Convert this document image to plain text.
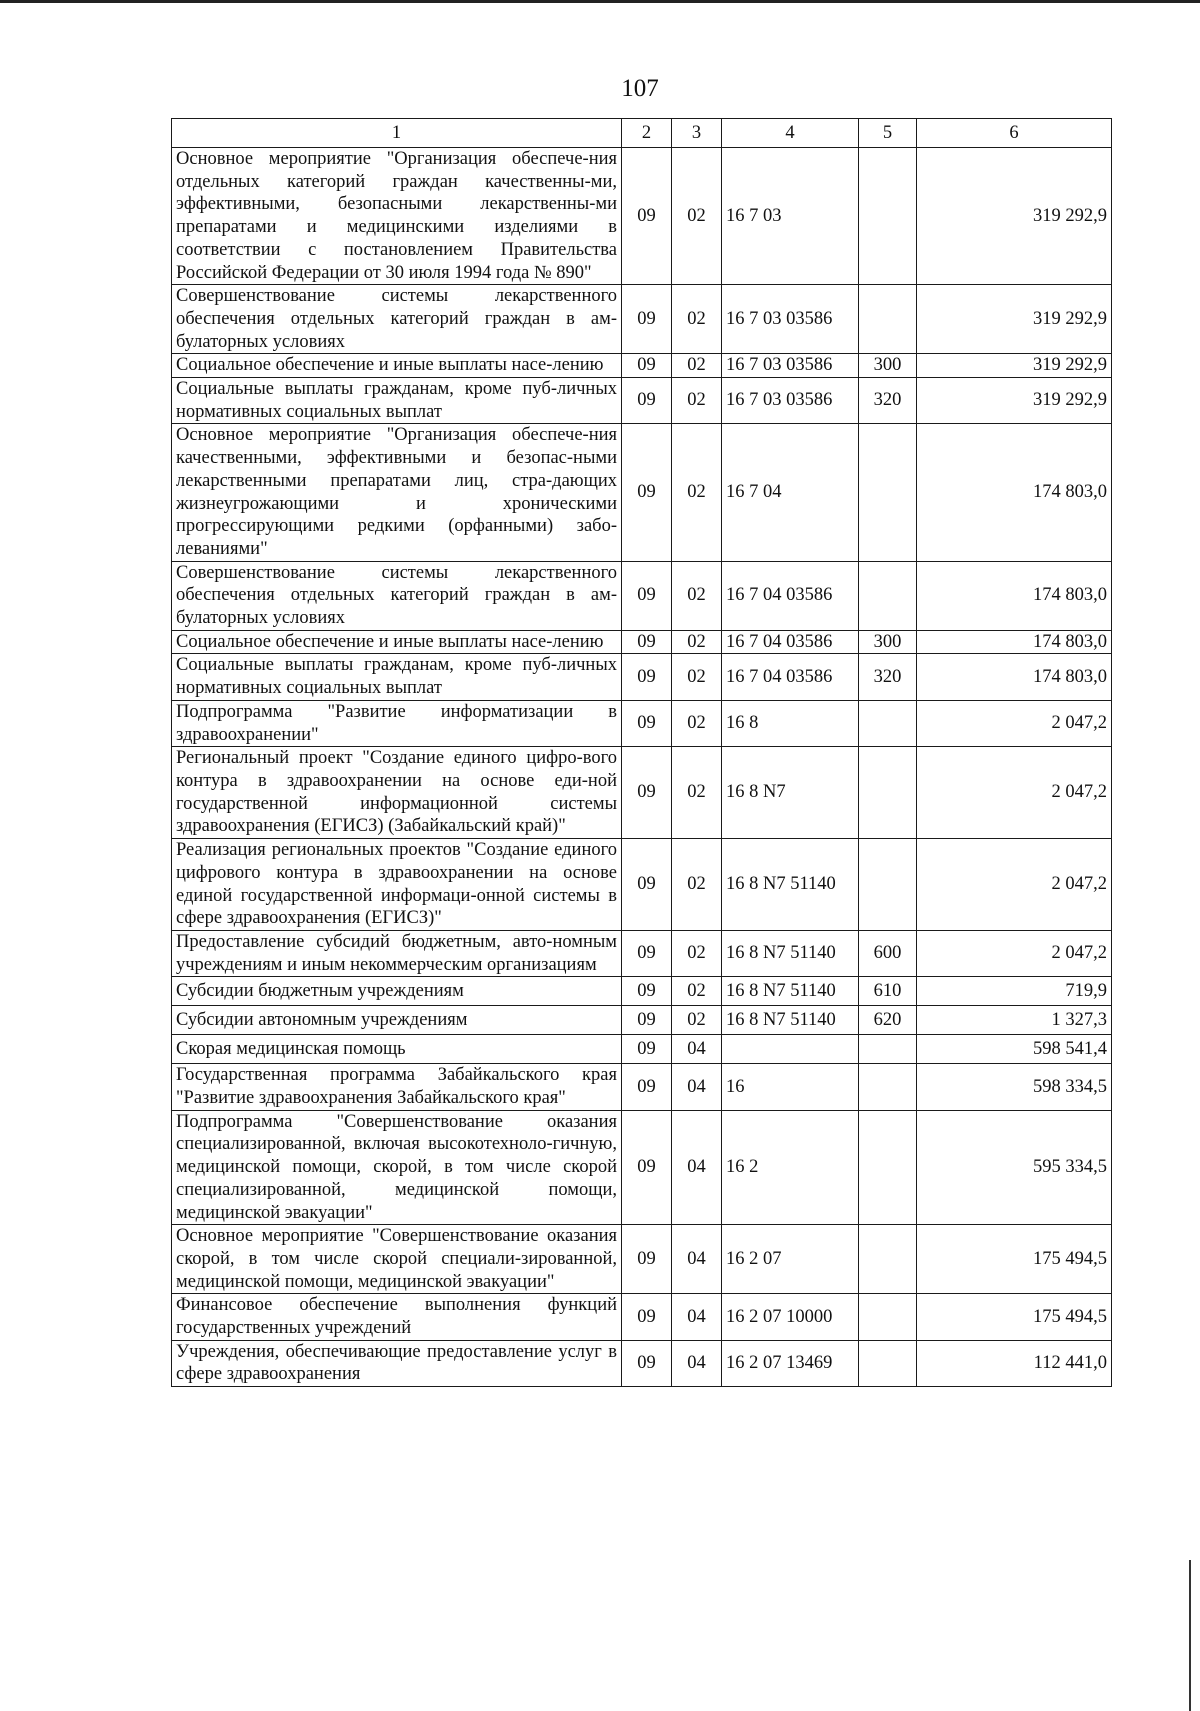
107
1	2	3	4	5	6
Основное мероприятие "Организация обеспече-ния отдельных категорий граждан качественны-ми, эффективными, безопасными лекарственны-ми препаратами и медицинскими изделиями в соответствии с постановлением Правительства Российской Федерации от 30 июля 1994 года № 890"	09	02	16 7 03		319 292,9
Совершенствование системы лекарственного обеспечения отдельных категорий граждан в ам-булаторных условиях	09	02	16 7 03 03586		319 292,9
Социальное обеспечение и иные выплаты насе-лению	09	02	16 7 03 03586	300	319 292,9
Социальные выплаты гражданам, кроме пуб-личных нормативных социальных выплат	09	02	16 7 03 03586	320	319 292,9
Основное мероприятие "Организация обеспече-ния качественными, эффективными и безопас-ными лекарственными препаратами лиц, стра-дающих жизнеугрожающими и хроническими прогрессирующими редкими (орфанными) забо-леваниями"	09	02	16 7 04		174 803,0
Совершенствование системы лекарственного обеспечения отдельных категорий граждан в ам-булаторных условиях	09	02	16 7 04 03586		174 803,0
Социальное обеспечение и иные выплаты насе-лению	09	02	16 7 04 03586	300	174 803,0
Социальные выплаты гражданам, кроме пуб-личных нормативных социальных выплат	09	02	16 7 04 03586	320	174 803,0
Подпрограмма "Развитие информатизации в здравоохранении"	09	02	16 8		2 047,2
Региональный проект "Создание единого цифро-вого контура в здравоохранении на основе еди-ной государственной информационной системы здравоохранения (ЕГИСЗ) (Забайкальский край)"	09	02	16 8 N7		2 047,2
Реализация региональных проектов "Создание единого цифрового контура в здравоохранении на основе единой государственной информаци-онной системы в сфере здравоохранения (ЕГИСЗ)"	09	02	16 8 N7 51140		2 047,2
Предоставление субсидий бюджетным, авто-номным учреждениям и иным некоммерческим организациям	09	02	16 8 N7 51140	600	2 047,2
Субсидии бюджетным учреждениям	09	02	16 8 N7 51140	610	719,9
Субсидии автономным учреждениям	09	02	16 8 N7 51140	620	1 327,3
Скорая медицинская помощь	09	04			598 541,4
Государственная программа Забайкальского края "Развитие здравоохранения Забайкальского края"	09	04	16		598 334,5
Подпрограмма "Совершенствование оказания специализированной, включая высокотехноло-гичную, медицинской помощи, скорой, в том числе скорой специализированной, медицинской помощи, медицинской эвакуации"	09	04	16 2		595 334,5
Основное мероприятие "Совершенствование оказания скорой, в том числе скорой специали-зированной, медицинской помощи, медицинской эвакуации"	09	04	16 2 07		175 494,5
Финансовое обеспечение выполнения функций государственных учреждений	09	04	16 2 07 10000		175 494,5
Учреждения, обеспечивающие предоставление услуг в сфере здравоохранения	09	04	16 2 07 13469		112 441,0
